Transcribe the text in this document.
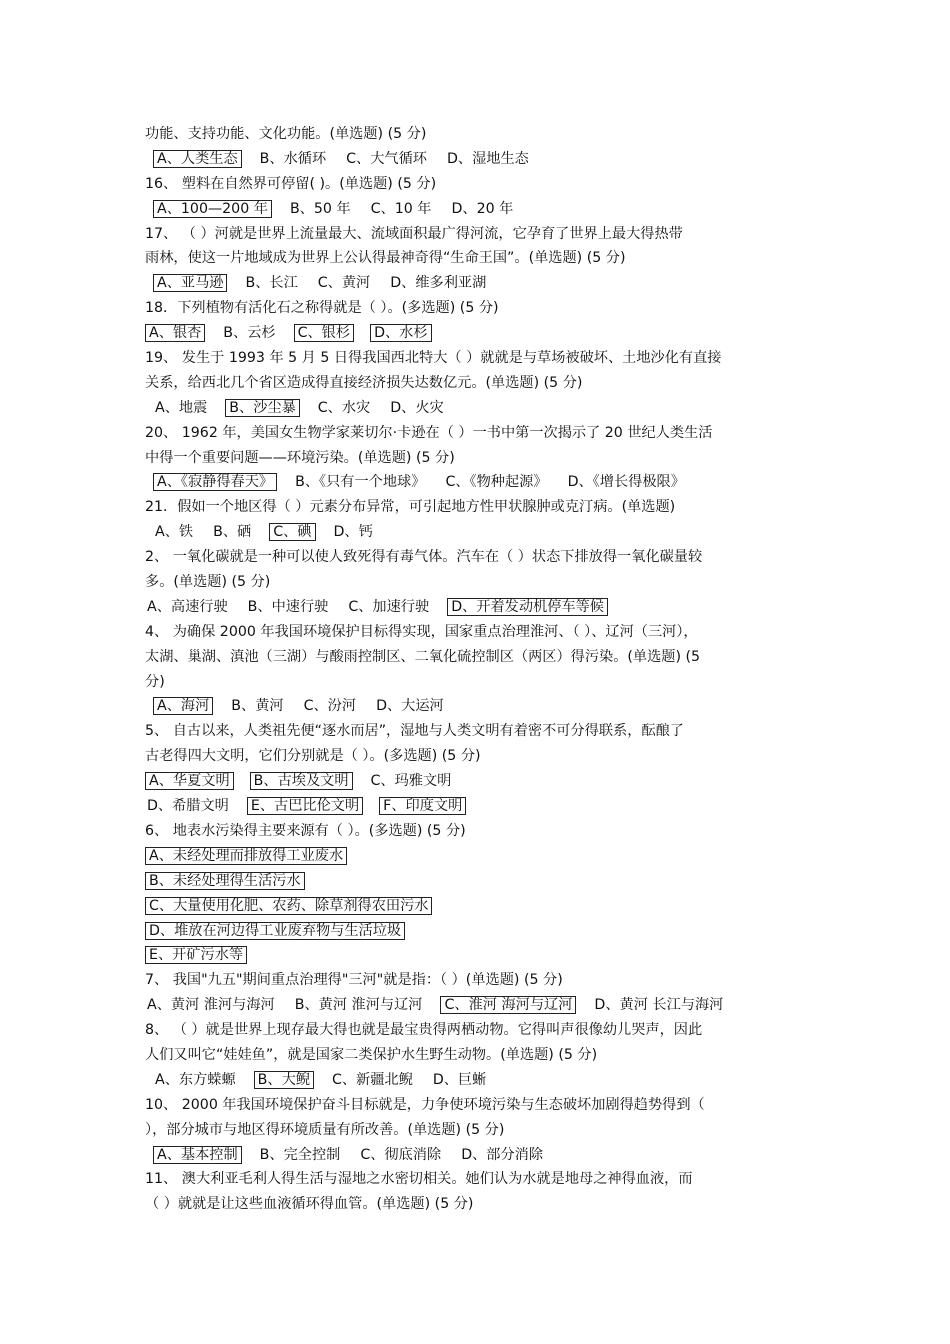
功能、支持功能、文化功能。(单选题) (5 分)
A、人类生态 B、水循环 C、大气循环 D、湿地生态
16、 塑料在自然界可停留( )。(单选题) (5 分)
A、100—200 年 B、50 年 C、10 年 D、20 年
17、 （ ）河就是世界上流量最大、流域面积最广得河流，它孕育了世界上最大得热带
雨林，使这一片地域成为世界上公认得最神奇得“生命王国”。(单选题) (5 分)
A、亚马逊 B、长江 C、黄河 D、维多利亚湖
18．下列植物有活化石之称得就是（ ）。(多选题) (5 分)
A、银杏 B、云杉 C、银杉 D、水杉
19、 发生于 1993 年 5 月 5 日得我国西北特大（ ）就就是与草场被破坏、土地沙化有直接
关系，给西北几个省区造成得直接经济损失达数亿元。(单选题) (5 分)
A、地震 B、沙尘暴 C、水灾 D、火灾
20、 1962 年，美国女生物学家莱切尔·卡逊在（ ）一书中第一次揭示了 20 世纪人类生活
中得一个重要问题——环境污染。(单选题) (5 分)
A、《寂静得春天》 B、《只有一个地球》 C、《物种起源》 D、《增长得极限》
21．假如一个地区得（ ）元素分布异常，可引起地方性甲状腺肿或克汀病。(单选题)
A、铁 B、硒 C、碘 D、钙
2、 一氧化碳就是一种可以使人致死得有毒气体。汽车在（ ）状态下排放得一氧化碳量较
多。(单选题) (5 分)
A、高速行驶 B、中速行驶 C、加速行驶 D、开着发动机停车等候
4、 为确保 2000 年我国环境保护目标得实现，国家重点治理淮河、（ ）、辽河（三河），
太湖、巢湖、滇池（三湖）与酸雨控制区、二氧化硫控制区（两区）得污染。(单选题) (5
分)
A、海河 B、黄河 C、汾河 D、大运河
5、 自古以来，人类祖先便“逐水而居”，湿地与人类文明有着密不可分得联系，酝酿了
古老得四大文明，它们分别就是（ ）。(多选题) (5 分)
A、华夏文明 B、古埃及文明 C、玛雅文明
D、希腊文明 E、古巴比伦文明 F、印度文明
6、 地表水污染得主要来源有（ ）。(多选题) (5 分)
A、未经处理而排放得工业废水
B、未经处理得生活污水
C、大量使用化肥、农药、除草剂得农田污水
D、堆放在河边得工业废弃物与生活垃圾
E、开矿污水等
7、 我国"九五"期间重点治理得"三河"就是指：（ ）(单选题) (5 分)
A、黄河 淮河与海河 B、黄河 淮河与辽河 C、淮河 海河与辽河 D、黄河 长江与海河
8、 （ ）就是世界上现存最大得也就是最宝贵得两栖动物。它得叫声很像幼儿哭声，因此
人们又叫它“娃娃鱼”，就是国家二类保护水生野生动物。(单选题) (5 分)
A、东方蝾螈 B、大鲵 C、新疆北鲵 D、巨蜥
10、 2000 年我国环境保护奋斗目标就是，力争使环境污染与生态破坏加剧得趋势得到（
），部分城市与地区得环境质量有所改善。(单选题) (5 分)
A、基本控制 B、完全控制 C、彻底消除 D、部分消除
11、 澳大利亚毛利人得生活与湿地之水密切相关。她们认为水就是地母之神得血液，而
（ ）就就是让这些血液循环得血管。(单选题) (5 分)
